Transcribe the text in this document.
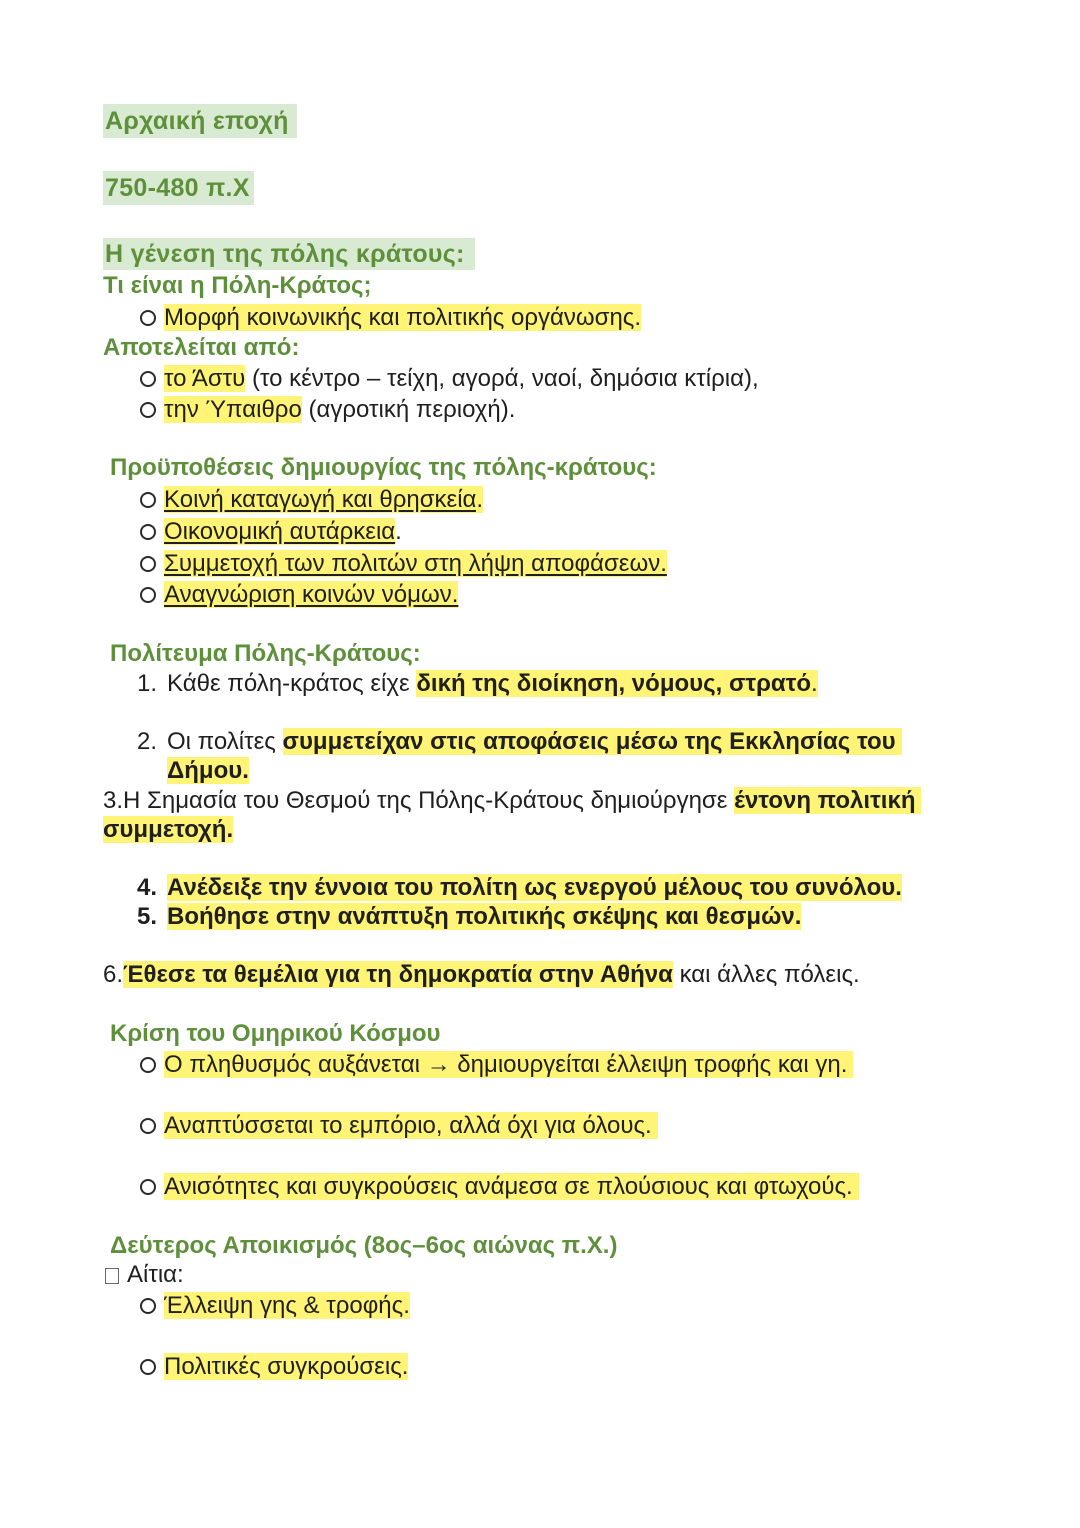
Αρχαική εποχή
750-480 π.Χ
Η γένεση της πόλης κράτους:
Τι είναι η Πόλη-Κράτος;
Μορφή κοινωνικής και πολιτικής οργάνωσης.
Αποτελείται από:
το Άστυ (το κέντρο – τείχη, αγορά, ναοί, δημόσια κτίρια),
την Ύπαιθρο (αγροτική περιοχή).
Προϋποθέσεις δημιουργίας της πόλης-κράτους:
Κοινή καταγωγή και θρησκεία.
Οικονομική αυτάρκεια.
Συμμετοχή των πολιτών στη λήψη αποφάσεων.
Αναγνώριση κοινών νόμων.
Πολίτευμα Πόλης-Κράτους:
1. Κάθε πόλη-κράτος είχε δική της διοίκηση, νόμους, στρατό.
2. Οι πολίτες συμμετείχαν στις αποφάσεις μέσω της Εκκλησίας του
Δήμου.
3.Η Σημασία του Θεσμού της Πόλης-Κράτους δημιούργησε έντονη πολιτική
συμμετοχή.
4. Ανέδειξε την έννοια του πολίτη ως ενεργού μέλους του συνόλου.
5. Βοήθησε στην ανάπτυξη πολιτικής σκέψης και θεσμών.
6.Έθεσε τα θεμέλια για τη δημοκρατία στην Αθήνα και άλλες πόλεις.
Κρίση του Ομηρικού Κόσμου
Ο πληθυσμός αυξάνεται → δημιουργείται έλλειψη τροφής και γη.
Αναπτύσσεται το εμπόριο, αλλά όχι για όλους.
Ανισότητες και συγκρούσεις ανάμεσα σε πλούσιους και φτωχούς.
Δεύτερος Αποικισμός (8ος–6ος αιώνας π.Χ.)
Αίτια:
Έλλειψη γης & τροφής.
Πολιτικές συγκρούσεις.
